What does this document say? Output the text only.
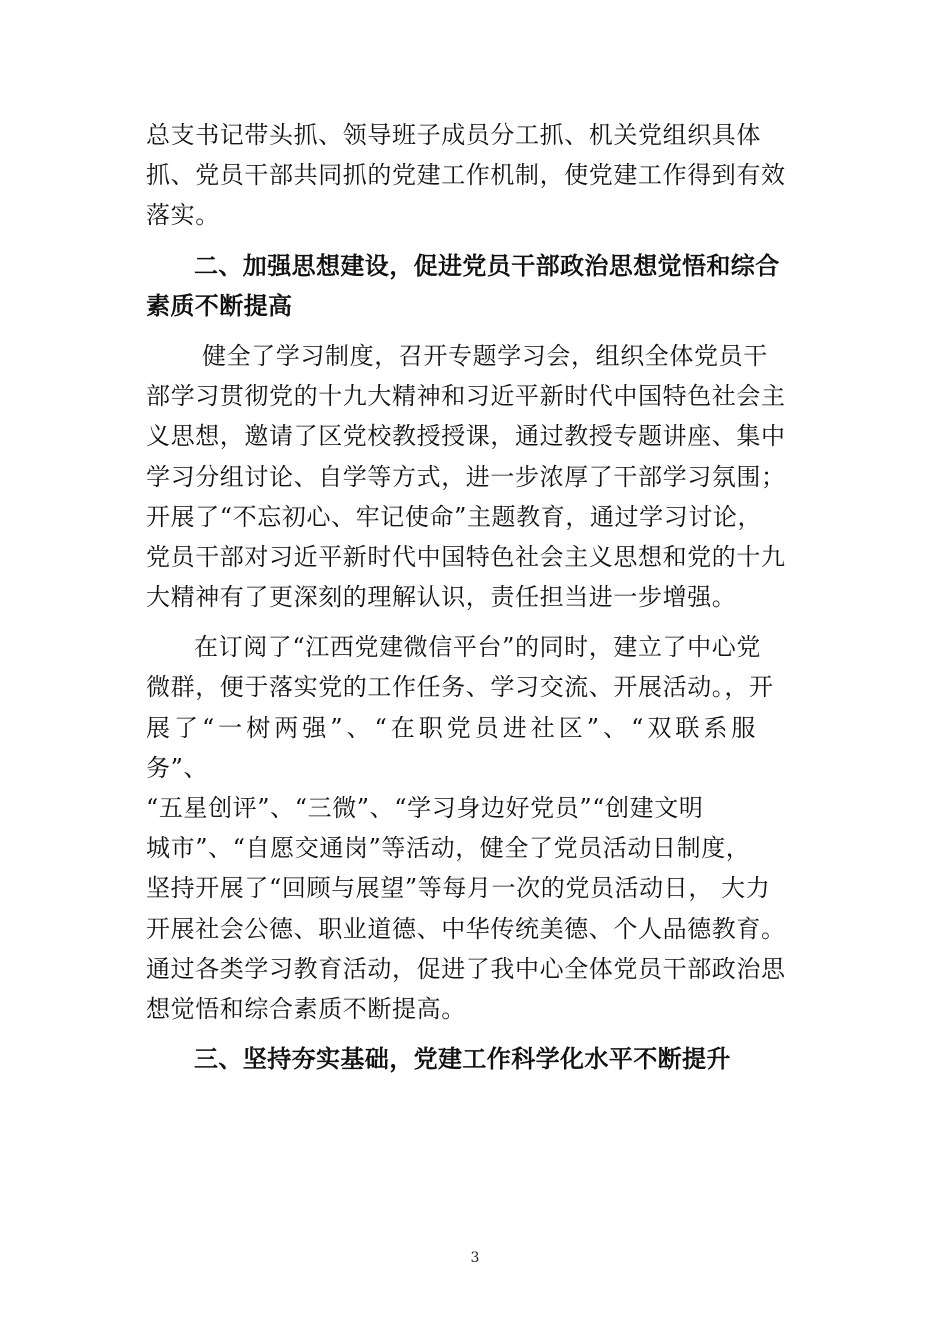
总支书记带头抓、领导班子成员分工抓、机关党组织具体
抓、党员干部共同抓的党建工作机制，使党建工作得到有效
落实。
二、加强思想建设，促进党员干部政治思想觉悟和综合
素质不断提高
健全了学习制度，召开专题学习会，组织全体党员干
部学习贯彻党的十九大精神和习近平新时代中国特色社会主
义思想，邀请了区党校教授授课，通过教授专题讲座、集中
学习分组讨论、自学等方式，进一步浓厚了干部学习氛围；
开展了“不忘初心、牢记使命”主题教育，通过学习讨论，
党员干部对习近平新时代中国特色社会主义思想和党的十九
大精神有了更深刻的理解认识，责任担当进一步增强。
在订阅了“江西党建微信平台”的同时，建立了中心党
微群，便于落实党的工作任务、学习交流、开展活动。，开
展了“一树两强”、“在职党员进社区”、“双联系服
务”、
“五星创评”、“三微”、“学习身边好党员”“创建文明
城市”、“自愿交通岗”等活动，健全了党员活动日制度，
坚持开展了“回顾与展望”等每月一次的党员活动日， 大力
开展社会公德、职业道德、中华传统美德、个人品德教育。
通过各类学习教育活动，促进了我中心全体党员干部政治思
想觉悟和综合素质不断提高。
三、坚持夯实基础，党建工作科学化水平不断提升
3
